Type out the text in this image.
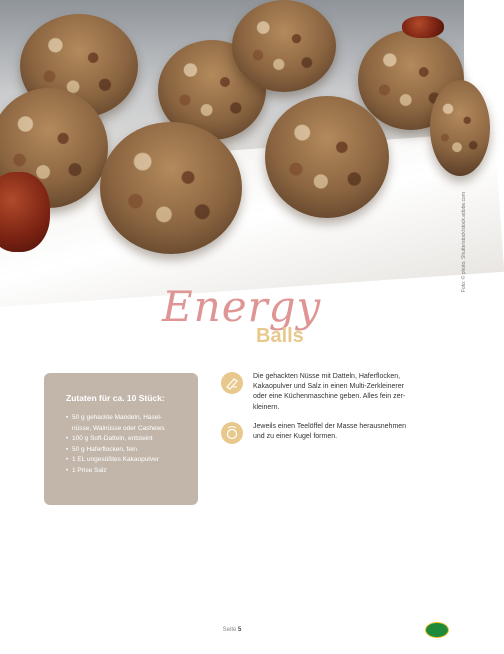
Foto: © photo: Shutterstock/stock.adobe.com
Energy
Balls
Zutaten für ca. 10 Stück:
• 50 g gehackte Mandeln, Hasel-
nüsse, Walnüsse oder Cashews
• 100 g Soft-Datteln, entsteint
• 50 g Haferflocken, fein
• 1 EL ungesüßtes Kakaopulver
• 1 Prise Salz
Die gehackten Nüsse mit Datteln, Haferflocken, Kakaopulver und Salz in einen Multi-Zerkleinerer oder eine Küchenmaschine geben. Alles fein zer-kleinern.
Jeweils einen Teelöffel der Masse herausnehmen und zu einer Kugel formen.
Seite 5
